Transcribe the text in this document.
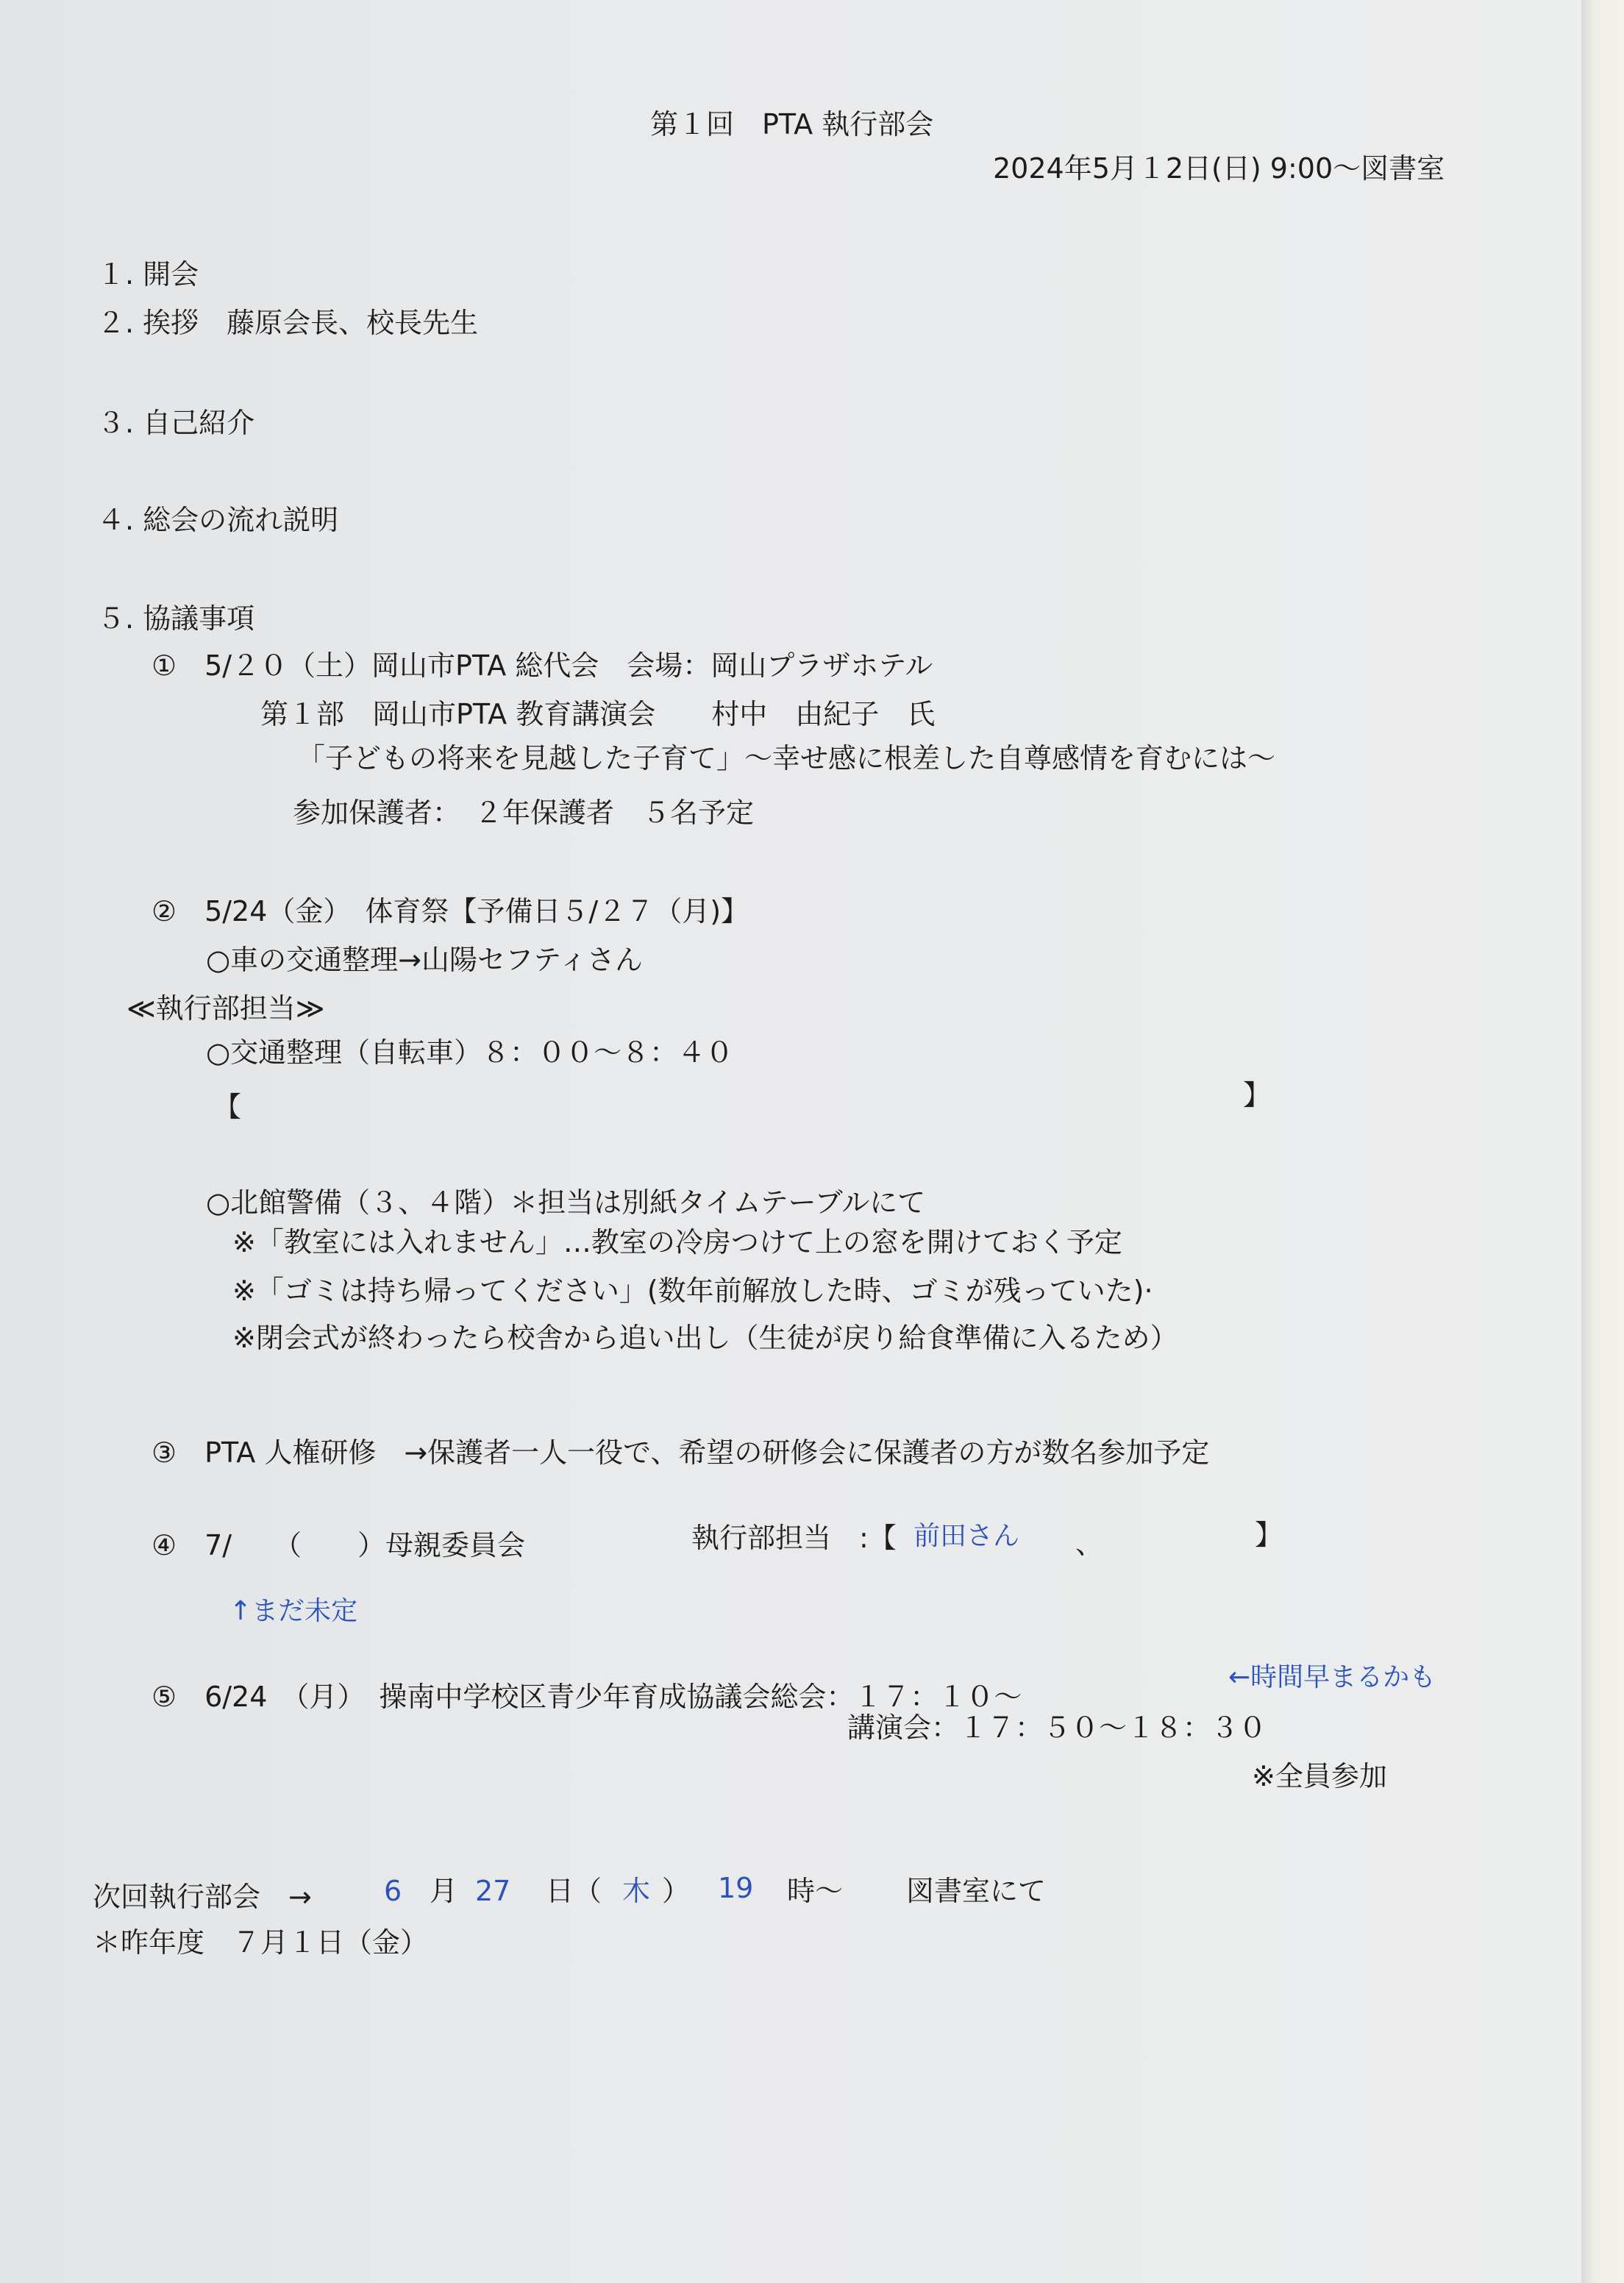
第１回　PTA 執行部会
2024年5月１2日(日) 9:00〜図書室
１. 開会
２. 挨拶　藤原会長、校長先生
３. 自己紹介
４. 総会の流れ説明
５. 協議事項
①　5/２０（土）岡山市PTA 総代会　会場：岡山プラザホテル
第１部　岡山市PTA 教育講演会　　村中　由紀子　氏
「子どもの将来を見越した子育て」～幸せ感に根差した自尊感情を育むには～
参加保護者：　２年保護者　５名予定
②　5/24（金）　体育祭【予備日５/２７（月)】
○車の交通整理→山陽セフティさん
≪執行部担当≫
○交通整理（自転車）８：００〜８：４０
【	】
○北館警備（３、４階）＊担当は別紙タイムテーブルにて
※「教室には入れません」…教室の冷房つけて上の窓を開けておく予定
※「ゴミは持ち帰ってください」(数年前解放した時、ゴミが残っていた)·
※閉会式が終わったら校舎から追い出し（生徒が戻り給食準備に入るため）
③　PTA 人権研修　→保護者一人一役で、希望の研修会に保護者の方が数名参加予定
④　7/　　（　　）母親委員会	執行部担当　:【 前田さん 、	】
↑まだ未定
⑤　6/24　（月）　操南中学校区青少年育成協議会総会：１７：１０〜
←時間早まるかも
講演会：１７：５０〜１８：３０
※全員参加
次回執行部会　→	6 月 27 日（ 木 ） 19 時～ 図書室にて
＊昨年度　７月１日（金）
